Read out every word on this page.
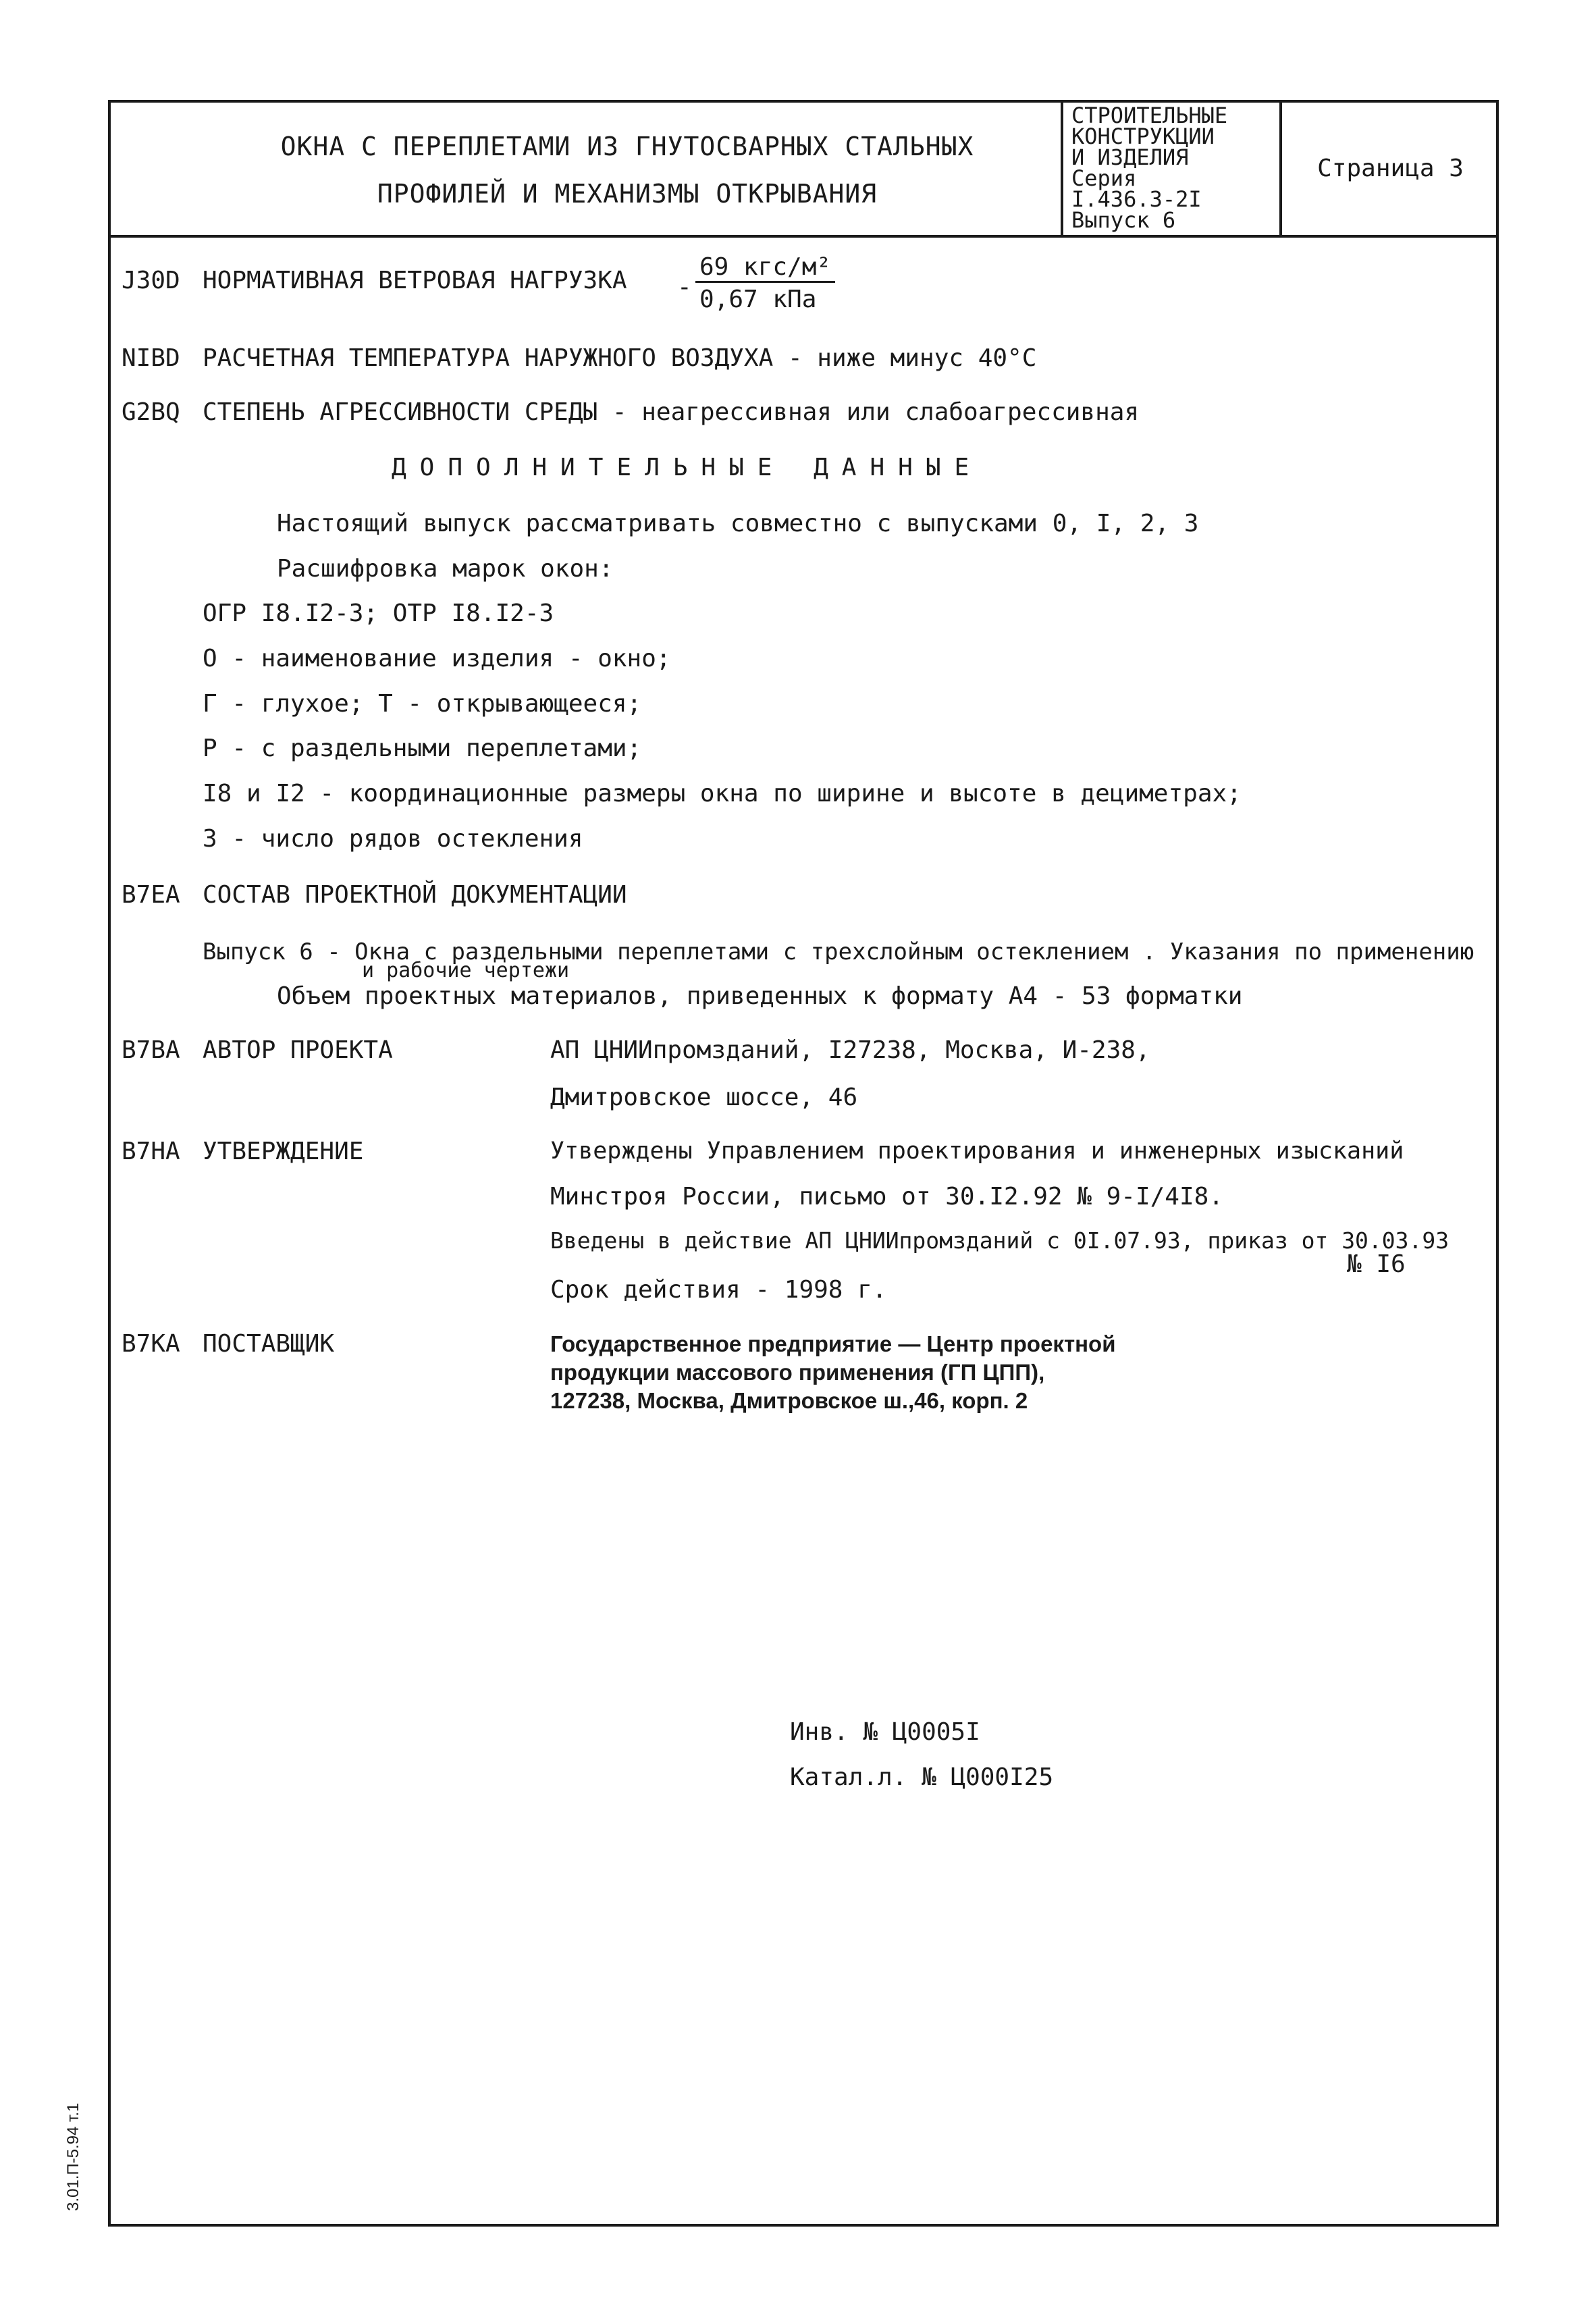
ОКНА С ПЕРЕПЛЕТАМИ ИЗ ГНУТОСВАРНЫХ СТАЛЬНЫХ
ПРОФИЛЕЙ И МЕХАНИЗМЫ ОТКРЫВАНИЯ
СТРОИТЕЛЬНЫЕ
КОНСТРУКЦИИ
И ИЗДЕЛИЯ
Серия
I.436.3-2I
Выпуск 6
Страница 3
J30D НОРМАТИВНАЯ ВЕТРОВАЯ НАГРУЗКА -
69 кгс/м²
0,67 кПа
NIBD РАСЧЕТНАЯ ТЕМПЕРАТУРА НАРУЖНОГО ВОЗДУХА - ниже минус 40°С
G2BQ СТЕПЕНЬ АГРЕССИВНОСТИ СРЕДЫ - неагрессивная или слабоагрессивная
ДОПОЛНИТЕЛЬНЫЕ ДАННЫЕ
Настоящий выпуск рассматривать совместно с выпусками 0, I, 2, 3
Расшифровка марок окон:
ОГР I8.I2-3; ОТР I8.I2-3
О - наименование изделия - окно;
Г - глухое; Т - открывающееся;
Р - с раздельными переплетами;
I8 и I2 - координационные размеры окна по ширине и высоте в дециметрах;
3 - число рядов остекления
B7EA СОСТАВ ПРОЕКТНОЙ ДОКУМЕНТАЦИИ
Выпуск 6 - Окна с раздельными переплетами с трехслойным остеклением . Указания по применению
и рабочие чертежи
Объем проектных материалов, приведенных к формату А4 - 53 форматки
B7BA АВТОР ПРОЕКТА	АП ЦНИИпромзданий, I27238, Москва, И-238,
Дмитровское шоссе, 46
B7HA УТВЕРЖДЕНИЕ	Утверждены Управлением проектирования и инженерных изысканий
Минстроя России, письмо от 30.I2.92 № 9-I/4I8.
Введены в действие АП ЦНИИпромзданий с 0I.07.93, приказ от 30.03.93
№ I6
Срок действия - 1998 г.
B7KA ПОСТАВЩИК	Государственное предприятие — Центр проектной
продукции массового применения (ГП ЦПП),
127238, Москва, Дмитровское ш.,46, корп. 2
Инв. № Ц0005I
Катал.л. № Ц000I25
3.01.П-5.94 т.1
